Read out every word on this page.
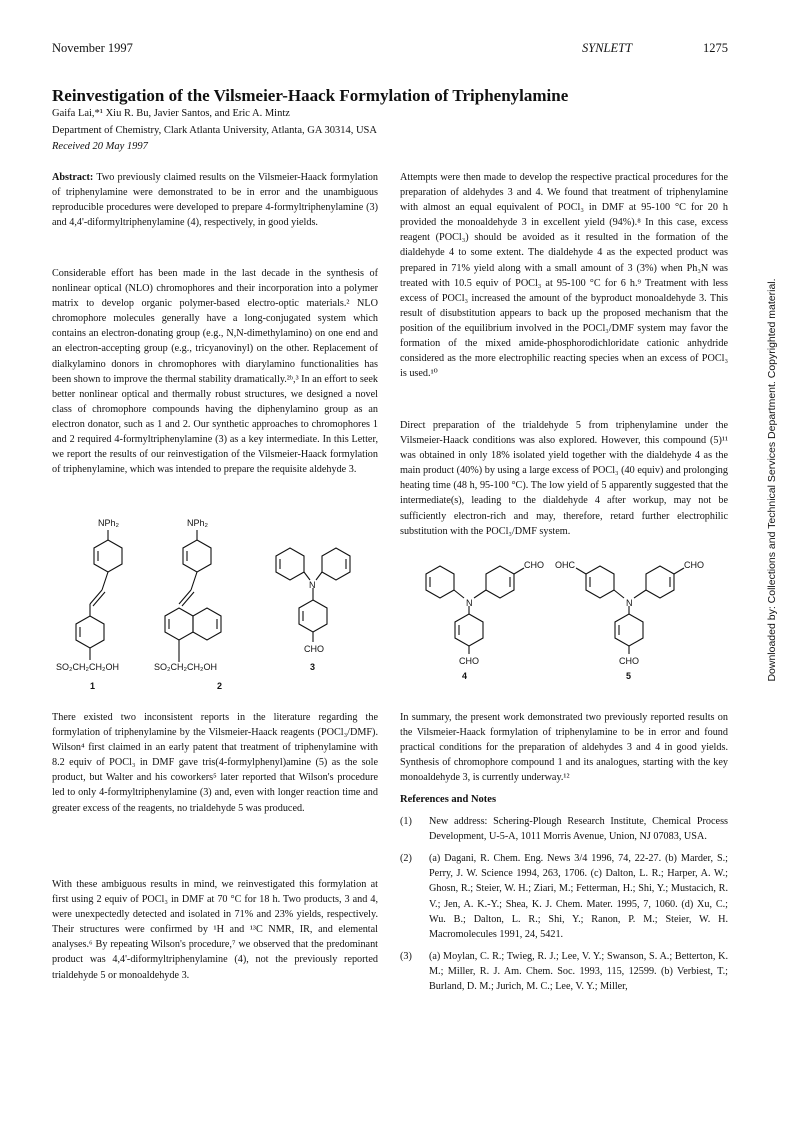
November 1997	SYNLETT	1275
Reinvestigation of the Vilsmeier-Haack Formylation of Triphenylamine
Gaifa Lai,*¹ Xiu R. Bu, Javier Santos, and Eric A. Mintz
Department of Chemistry, Clark Atlanta University, Atlanta, GA 30314, USA
Received 20 May 1997

Abstract: Two previously claimed results on the Vilsmeier-Haack formylation of triphenylamine were demonstrated to be in error and the unambiguous reproducible procedures were developed to prepare 4-formyltriphenylamine (3) and 4,4'-diformyltriphenylamine (4), respectively, in good yields.

Considerable effort has been made in the last decade in the synthesis of nonlinear optical (NLO) chromophores and their incorporation into a polymer matrix to develop organic polymer-based electro-optic materials.² NLO chromophore molecules generally have a long-conjugated system which contains an electron-donating group (e.g., N,N-dimethylamino) on one end and an electron-accepting group (e.g., tricyanovinyl) on the other. Replacement of dialkylamino donors in chromophores with diarylamino functionalities has been shown to improve the thermal stability dramatically.²ᵇ,³ In an effort to seek better nonlinear optical and thermally robust structures, we designed a novel class of chromophore compounds having the diphenylamino group as an electron donator, such as 1 and 2. Our synthetic approaches to chromophores 1 and 2 required 4-formyltriphenylamine (3) as a key intermediate. In this Letter, we report the results of our reinvestigation of the Vilsmeier-Haack formylation of triphenylamine, which was intended to prepare the requisite aldehyde 3.

NPh₂	NPh₂
SO₂CH₂CH₂OH	SO₂CH₂CH₂OH
N
CHO
1	2
3

There existed two inconsistent reports in the literature regarding the formylation of triphenylamine by the Vilsmeier-Haack reagents (POCl₃/DMF). Wilson⁴ first claimed in an early patent that treatment of triphenylamine with 8.2 equiv of POCl₃ in DMF gave tris(4-formylphenyl)amine (5) as the sole product, but Walter and his coworkers⁵ later reported that Wilson's procedure led to only 4-formyltriphenylamine (3) and, even with longer reaction time and greater excess of the reagents, no trialdehyde 5 was produced.

With these ambiguous results in mind, we reinvestigated this formylation at first using 2 equiv of POCl₃ in DMF at 70 °C for 18 h. Two products, 3 and 4, were unexpectedly detected and isolated in 71% and 23% yields, respectively. Their structures were confirmed by ¹H and ¹³C NMR, IR, and elemental analyses.⁶ By repeating Wilson's procedure,⁷ we observed that the predominant product was 4,4'-diformyltriphenylamine (4), not the previously reported trialdehyde 5 or monoaldehyde 3.

Attempts were then made to develop the respective practical procedures for the preparation of aldehydes 3 and 4. We found that treatment of triphenylamine with almost an equal equivalent of POCl₃ in DMF at 95-100 °C for 20 h provided the monoaldehyde 3 in excellent yield (94%).⁸ In this case, excess reagent (POCl₃) should be avoided as it resulted in the formation of the dialdehyde 4 to some extent. The dialdehyde 4 as the expected product was prepared in 71% yield along with a small amount of 3 (3%) when Ph₃N was treated with 10.5 equiv of POCl₃ at 95-100 °C for 6 h.⁹ Treatment with less excess of POCl₃ increased the amount of the byproduct monoaldehyde 3. This result of disubstitution appears to back up the proposed mechanism that the position of the equilibrium involved in the POCl₃/DMF system may favor the formation of the mixed amide-phosphorodichloridate cationic anhydride considered as the more electrophilic reacting species when an excess of POCl₃ is used.¹⁰

Direct preparation of the trialdehyde 5 from triphenylamine under the Vilsmeier-Haack conditions was also explored. However, this compound (5)¹¹ was obtained in only 18% isolated yield together with the dialdehyde 4 as the main product (40%) by using a large excess of POCl₃ (40 equiv) and prolonging heating time (48 h, 95-100 °C). The low yield of 5 apparently suggested that the intermediate(s), leading to the dialdehyde 4 after workup, may not be sufficiently electron-rich and may, therefore, retard further electrophilic substitution with the POCl₃/DMF system.

CHO
N
CHO
4
OHC	CHO
N
CHO
5

In summary, the present work demonstrated two previously reported results on the Vilsmeier-Haack formylation of triphenylamine to be in error and found practical conditions for the preparation of aldehydes 3 and 4 in good yields. Synthesis of chromophore compound 1 and its analogues, starting with the key monoaldehyde 3, is currently underway.¹²

References and Notes
(1) New address: Schering-Plough Research Institute, Chemical Process Development, U-5-A, 1011 Morris Avenue, Union, NJ 07083, USA.
(2) (a) Dagani, R. Chem. Eng. News 3/4 1996, 74, 22-27. (b) Marder, S.; Perry, J. W. Science 1994, 263, 1706. (c) Dalton, L. R.; Harper, A. W.; Ghosn, R.; Steier, W. H.; Ziari, M.; Fetterman, H.; Shi, Y.; Mustacich, R. V.; Jen, A. K.-Y.; Shea, K. J. Chem. Mater. 1995, 7, 1060. (d) Xu, C.; Wu. B.; Dalton, L. R.; Shi, Y.; Ranon, P. M.; Steier, W. H. Macromolecules 1991, 24, 5421.
(3) (a) Moylan, C. R.; Twieg, R. J.; Lee, V. Y.; Swanson, S. A.; Betterton, K. M.; Miller, R. J. Am. Chem. Soc. 1993, 115, 12599. (b) Verbiest, T.; Burland, D. M.; Jurich, M. C.; Lee, V. Y.; Miller,
Downloaded by: Collections and Technical Services Department. Copyrighted material.
